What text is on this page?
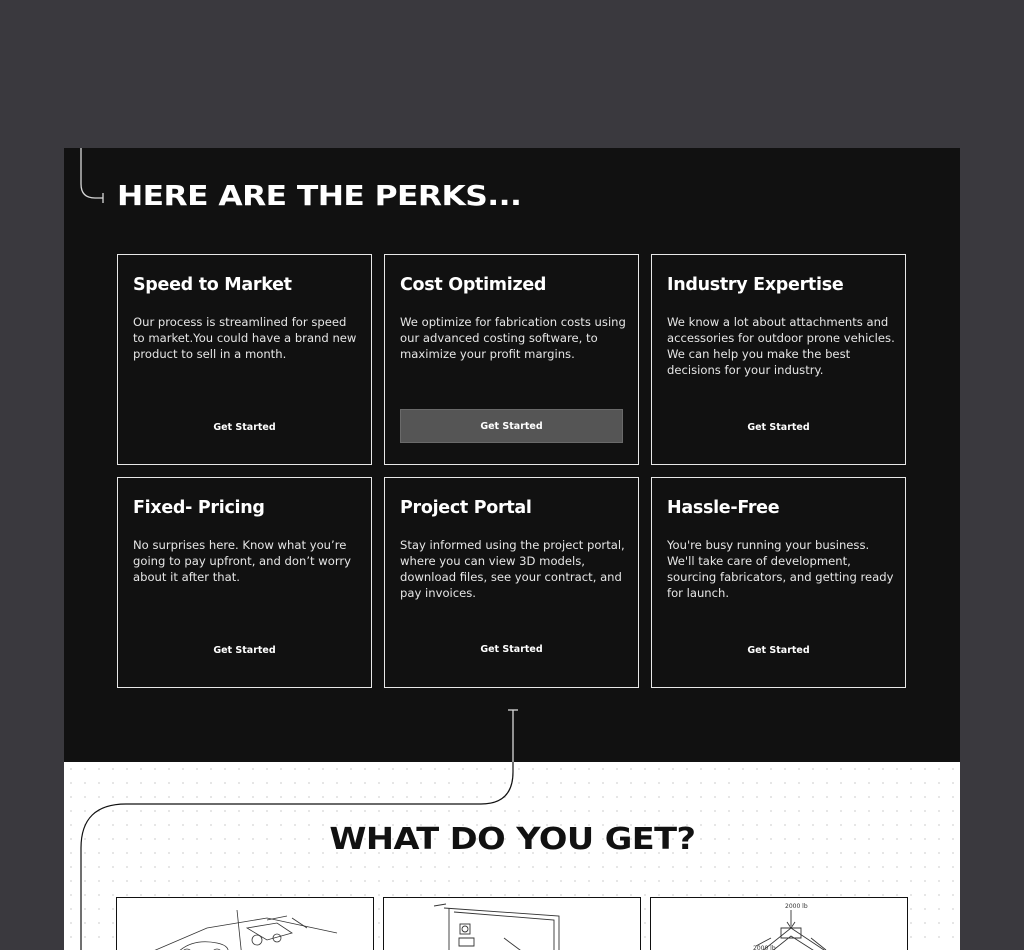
HERE ARE THE PERKS...
Speed to Market
Our process is streamlined for speed to market.You could have a brand new product to sell in a month.
Get Started
Cost Optimized
We optimize for fabrication costs using our advanced costing software, to maximize your profit margins.
Get Started
Industry Expertise
We know a lot about attachments and accessories for outdoor prone vehicles. We can help you make the best decisions for your industry.
Get Started
Fixed- Pricing
No surprises here. Know what you’re going to pay upfront, and don’t worry about it after that.
Get Started
Project Portal
Stay informed using the project portal, where you can view 3D models, download files, see your contract, and pay invoices.
Get Started
Hassle-Free
You're busy running your business. We'll take care of development, sourcing fabricators, and getting ready for launch.
Get Started
WHAT DO YOU GET?
2000 lb
2000 lb
